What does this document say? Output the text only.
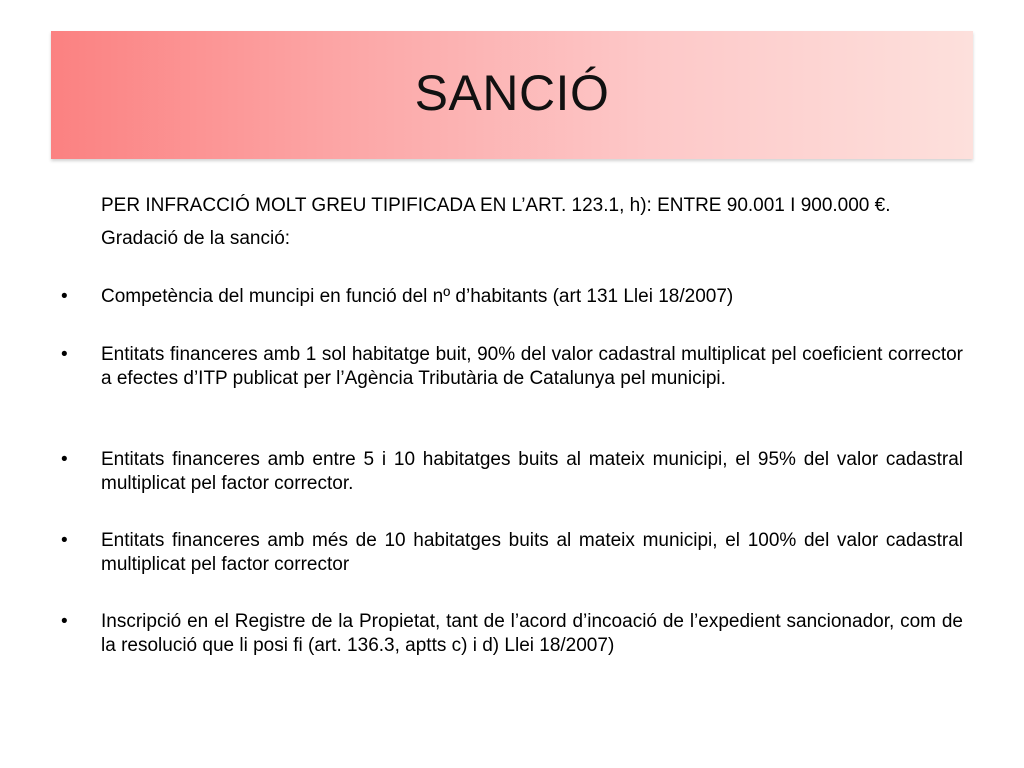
SANCIÓ
PER INFRACCIÓ MOLT GREU TIPIFICADA EN L’ART. 123.1, h): ENTRE 90.001 I 900.000 €.
Gradació de la sanció:
• Competència del muncipi en funció del nº d’habitants (art 131 Llei 18/2007)
• Entitats financeres amb 1 sol habitatge buit, 90% del valor cadastral multiplicat pel coeficient corrector a efectes d’ITP publicat per l’Agència Tributària de Catalunya pel municipi.
• Entitats financeres amb entre 5 i 10 habitatges buits al mateix municipi, el 95% del valor cadastral multiplicat pel factor corrector.
• Entitats financeres amb més de 10 habitatges buits al mateix municipi, el 100% del valor cadastral multiplicat pel factor corrector
• Inscripció en el Registre de la Propietat, tant de l’acord d’incoació de l’expedient sancionador, com de la resolució que li posi fi (art. 136.3, aptts c) i d) Llei 18/2007)
